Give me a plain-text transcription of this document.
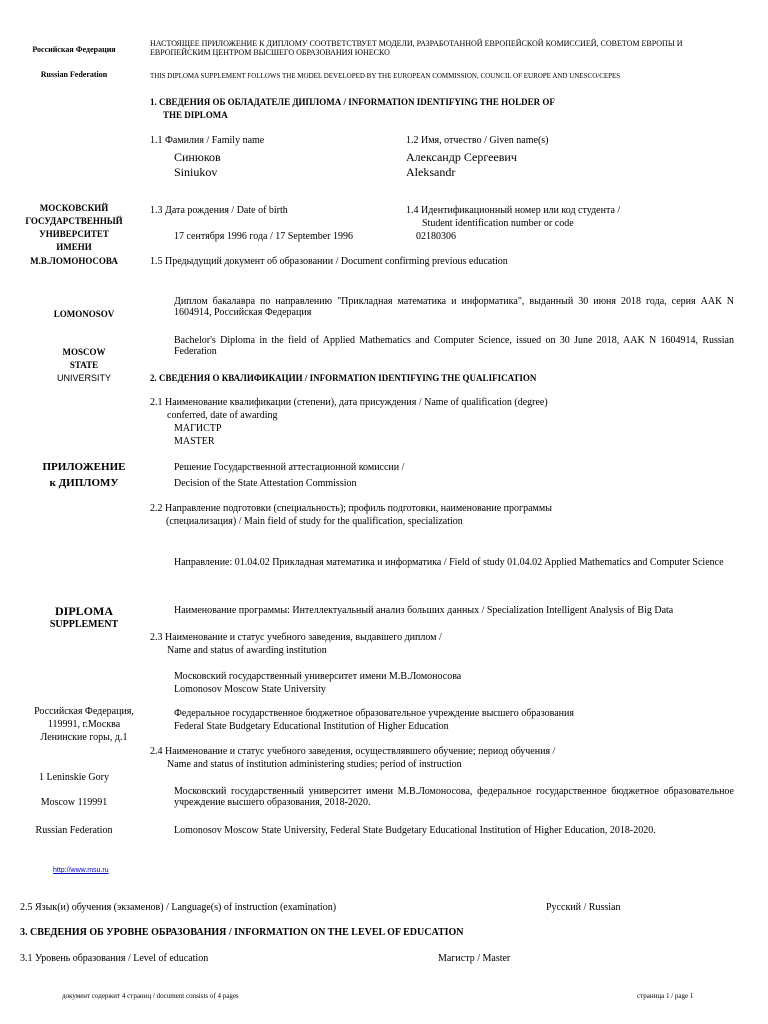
Российская Федерация
Russian Federation
НАСТОЯЩЕЕ ПРИЛОЖЕНИЕ К ДИПЛОМУ СООТВЕТСТВУЕТ МОДЕЛИ, РАЗРАБОТАННОЙ ЕВРОПЕЙСКОЙ КОМИССИЕЙ, СОВЕТОМ ЕВРОПЫ И ЕВРОПЕЙСКИМ ЦЕНТРОМ ВЫСШЕГО ОБРАЗОВАНИЯ ЮНЕСКО
THIS DIPLOMA SUPPLEMENT FOLLOWS THE MODEL DEVELOPED BY THE EUROPEAN COMMISSION, COUNCIL OF EUROPE AND UNESCO/CEPES
МОСКОВСКИЙ
ГОСУДАРСТВЕННЫЙ
УНИВЕРСИТЕТ
ИМЕНИ
М.В.ЛОМОНОСОВА
LOMONOSOV
MOSCOW
STATE
UNIVERSITY
ПРИЛОЖЕНИЕ
к ДИПЛОМУ
DIPLOMA
SUPPLEMENT
Российская Федерация,
119991, г.Москва
Ленинские горы, д.1
1 Leninskie Gory
Moscow 119991
Russian Federation
http://www.msu.ru
1. СВЕДЕНИЯ ОБ ОБЛАДАТЕЛЕ ДИПЛОМА / INFORMATION IDENTIFYING THE HOLDER OF
THE DIPLOMA
1.1 Фамилия / Family name
Синюков
Siniukov
1.2 Имя, отчество / Given name(s)
Александр Сергеевич
Aleksandr
1.3 Дата рождения / Date of birth
17 сентября 1996 года / 17 September 1996
1.4 Идентификационный номер или код студента /
Student identification number or code
02180306
1.5 Предыдущий документ об образовании / Document confirming previous education
Диплом бакалавра по направлению "Прикладная математика и информатика", выданный 30 июня 2018 года, серия ААК N 1604914, Российская Федерация
Bachelor's Diploma in the field of Applied Mathematics and Computer Science, issued on 30 June 2018, AAK N 1604914, Russian Federation
2. СВЕДЕНИЯ О КВАЛИФИКАЦИИ / INFORMATION IDENTIFYING THE QUALIFICATION
2.1 Наименование квалификации (степени), дата присуждения / Name of qualification (degree)
conferred, date of awarding
МАГИСТР
MASTER
Решение Государственной аттестационной комиссии /
Decision of the State Attestation Commission
2.2 Направление подготовки (специальность); профиль подготовки, наименование программы
(специализация) / Main field of study for the qualification, specialization
Направление: 01.04.02 Прикладная математика и информатика / Field of study 01.04.02 Applied Mathematics and Computer Science
Наименование программы: Интеллектуальный анализ больших данных / Specialization Intelligent Analysis of Big Data
2.3 Наименование и статус учебного заведения, выдавшего диплом /
Name and status of awarding institution
Московский государственный университет имени М.В.Ломоносова
Lomonosov Moscow State University
Федеральное государственное бюджетное образовательное учреждение высшего образования
Federal State Budgetary Educational Institution of Higher Education
2.4 Наименование и статус учебного заведения, осуществлявшего обучение; период обучения /
Name and status of institution administering studies; period of instruction
Московский государственный университет имени М.В.Ломоносова, федеральное государственное бюджетное образовательное учреждение высшего образования, 2018-2020.
Lomonosov Moscow State University, Federal State Budgetary Educational Institution of Higher Education, 2018-2020.
2.5 Язык(и) обучения (экзаменов) / Language(s) of instruction (examination)	Русский / Russian
3. СВЕДЕНИЯ ОБ УРОВНЕ ОБРАЗОВАНИЯ / INFORMATION ON THE LEVEL OF EDUCATION
3.1 Уровень образования / Level of education	Магистр / Master
документ содержит 4 страниц / document consists of 4 pages	страница 1 / page 1
